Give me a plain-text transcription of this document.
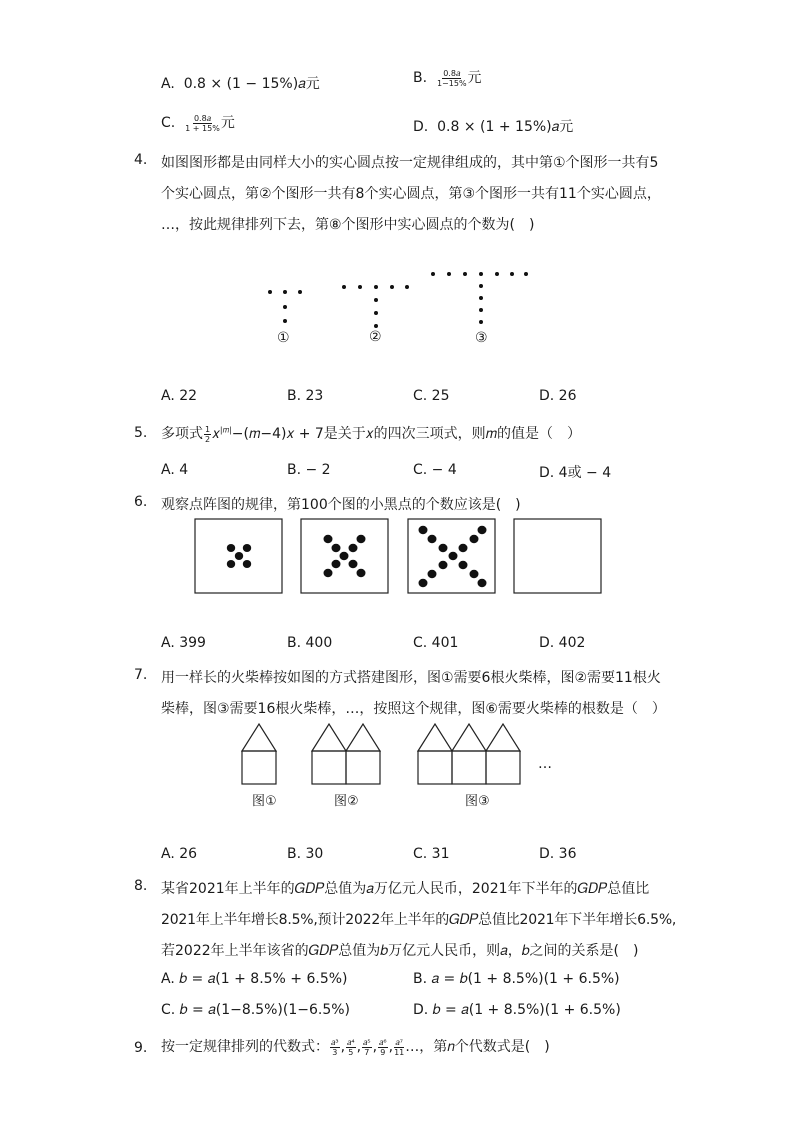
A. 0.8 × (1 − 15%)𝑎元	B. $\frac{\text{0.8𝑎}}{1-15\%}$ 元
C. $\frac{\text{0.8𝑎}}{1 + 15\%}$ 元	D. 0.8 × (1 + 15%)𝑎元
4. 如图图形都是由同样大小的实心圆点按一定规律组成的，其中第①个图形一共有5
个实心圆点，第②个图形一共有8个实心圆点，第③个图形一共有11个实心圆点，
…，按此规律排列下去，第⑧个图形中实心圆点的个数为(　)
①	②	③
A. 22	B. 23	C. 25	D. 26
5. 多项式 $\frac{1}{2}$ 𝑥$^{|𝑚|}$−(𝑚−4)𝑥 + 7是关于𝑥的四次三项式，则𝑚的值是（　）
A. 4	B. − 2	C. − 4	D. 4或 − 4
6. 观察点阵图的规律，第100个图的小黑点的个数应该是(　)
A. 399	B. 400	C. 401	D. 402
7. 用一样长的火柴棒按如图的方式搭建图形，图①需要6根火柴棒，图②需要11根火
柴棒，图③需要16根火柴棒，…，按照这个规律，图⑥需要火柴棒的根数是（　）
…
图①	图②	图③
A. 26	B. 30	C. 31	D. 36
8. 某省2021年上半年的𝐺𝐷𝑃总值为𝑎万亿元人民币，2021年下半年的𝐺𝐷𝑃总值比
2021年上半年增长8.5%,预计2022年上半年的𝐺𝐷𝑃总值比2021年下半年增长6.5%,
若2022年上半年该省的𝐺𝐷𝑃总值为𝑏万亿元人民币，则𝑎，𝑏之间的关系是(　)
A. 𝑏 = 𝑎(1 + 8.5% + 6.5%)	B. 𝑎 = 𝑏(1 + 8.5%)(1 + 6.5%)
C. 𝑏 = 𝑎(1−8.5%)(1−6.5%)	D. 𝑏 = 𝑎(1 + 8.5%)(1 + 6.5%)
9. 按一定规律排列的代数式： $\frac{\text{𝑎³}}{3}$ , $\frac{\text{𝑎⁴}}{5}$ , $\frac{\text{𝑎⁵}}{7}$ , $\frac{\text{𝑎⁶}}{9}$ , $\frac{\text{𝑎⁷}}{11}$ …，第𝑛个代数式是(　)
